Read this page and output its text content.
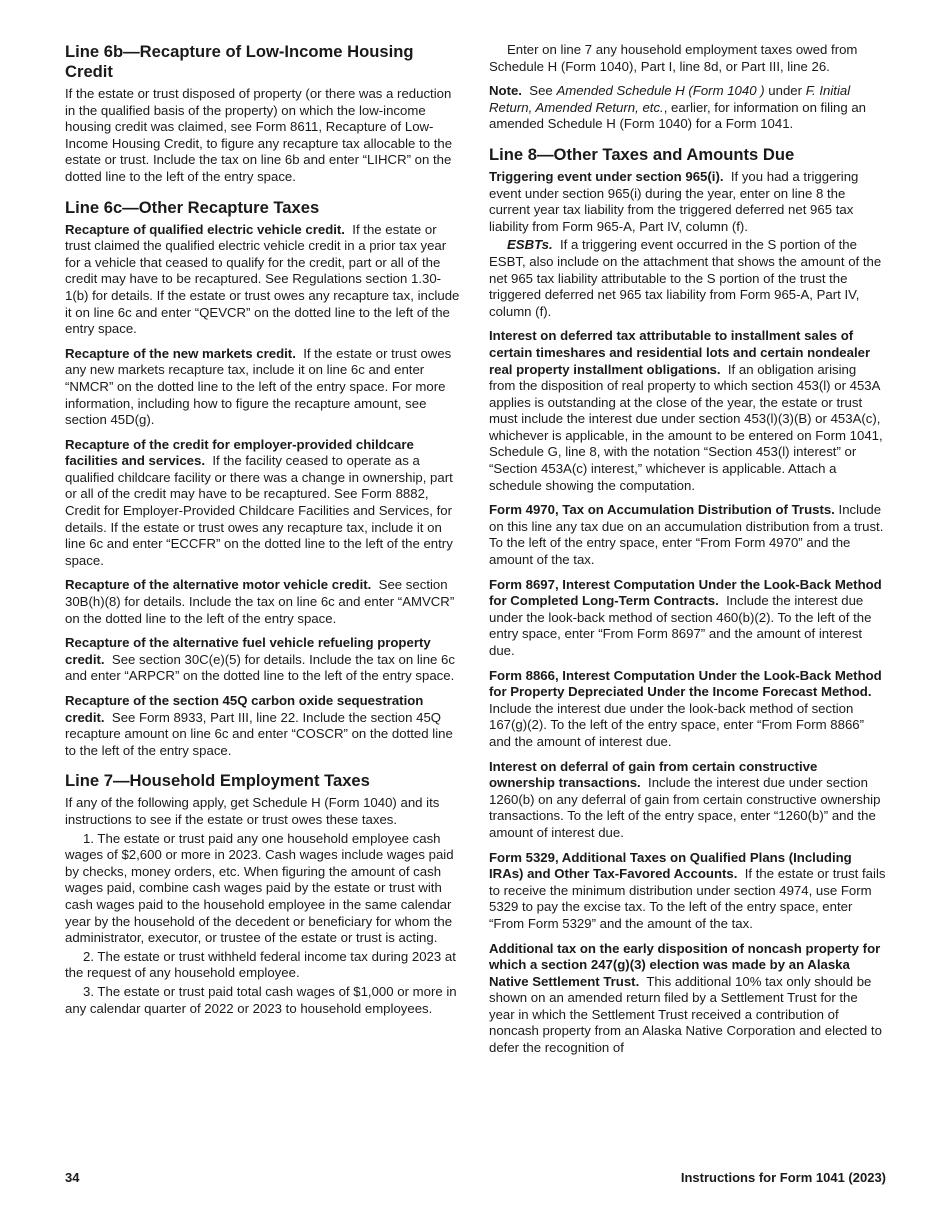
Line 6b—Recapture of Low-Income Housing Credit

If the estate or trust disposed of property (or there was a reduction in the qualified basis of the property) on which the low-income housing credit was claimed, see Form 8611, Recapture of Low-Income Housing Credit, to figure any recapture tax allocable to the estate or trust. Include the tax on line 6b and enter “LIHCR” on the dotted line to the left of the entry space.

Line 6c—Other Recapture Taxes

Recapture of qualified electric vehicle credit. If the estate or trust claimed the qualified electric vehicle credit in a prior tax year for a vehicle that ceased to qualify for the credit, part or all of the credit may have to be recaptured. See Regulations section 1.30-1(b) for details. If the estate or trust owes any recapture tax, include it on line 6c and enter “QEVCR” on the dotted line to the left of the entry space.

Recapture of the new markets credit. If the estate or trust owes any new markets recapture tax, include it on line 6c and enter “NMCR” on the dotted line to the left of the entry space. For more information, including how to figure the recapture amount, see section 45D(g).

Recapture of the credit for employer-provided childcare facilities and services. If the facility ceased to operate as a qualified childcare facility or there was a change in ownership, part or all of the credit may have to be recaptured. See Form 8882, Credit for Employer-Provided Childcare Facilities and Services, for details. If the estate or trust owes any recapture tax, include it on line 6c and enter “ECCFR” on the dotted line to the left of the entry space.

Recapture of the alternative motor vehicle credit. See section 30B(h)(8) for details. Include the tax on line 6c and enter “AMVCR” on the dotted line to the left of the entry space.

Recapture of the alternative fuel vehicle refueling property credit. See section 30C(e)(5) for details. Include the tax on line 6c and enter “ARPCR” on the dotted line to the left of the entry space.

Recapture of the section 45Q carbon oxide sequestration credit. See Form 8933, Part III, line 22. Include the section 45Q recapture amount on line 6c and enter “COSCR” on the dotted line to the left of the entry space.

Line 7—Household Employment Taxes

If any of the following apply, get Schedule H (Form 1040) and its instructions to see if the estate or trust owes these taxes.

1. The estate or trust paid any one household employee cash wages of $2,600 or more in 2023. Cash wages include wages paid by checks, money orders, etc. When figuring the amount of cash wages paid, combine cash wages paid by the estate or trust with cash wages paid to the household employee in the same calendar year by the household of the decedent or beneficiary for whom the administrator, executor, or trustee of the estate or trust is acting.

2. The estate or trust withheld federal income tax during 2023 at the request of any household employee.

3. The estate or trust paid total cash wages of $1,000 or more in any calendar quarter of 2022 or 2023 to household employees.

Enter on line 7 any household employment taxes owed from Schedule H (Form 1040), Part I, line 8d, or Part III, line 26.

Note. See Amended Schedule H (Form 1040 ) under F. Initial Return, Amended Return, etc., earlier, for information on filing an amended Schedule H (Form 1040) for a Form 1041.

Line 8—Other Taxes and Amounts Due

Triggering event under section 965(i). If you had a triggering event under section 965(i) during the year, enter on line 8 the current year tax liability from the triggered deferred net 965 tax liability from Form 965-A, Part IV, column (f).

ESBTs. If a triggering event occurred in the S portion of the ESBT, also include on the attachment that shows the amount of the net 965 tax liability attributable to the S portion of the trust the triggered deferred net 965 tax liability from Form 965-A, Part IV, column (f).

Interest on deferred tax attributable to installment sales of certain timeshares and residential lots and certain nondealer real property installment obligations. If an obligation arising from the disposition of real property to which section 453(l) or 453A applies is outstanding at the close of the year, the estate or trust must include the interest due under section 453(l)(3)(B) or 453A(c), whichever is applicable, in the amount to be entered on Form 1041, Schedule G, line 8, with the notation “Section 453(l) interest” or “Section 453A(c) interest,” whichever is applicable. Attach a schedule showing the computation.

Form 4970, Tax on Accumulation Distribution of Trusts. Include on this line any tax due on an accumulation distribution from a trust. To the left of the entry space, enter “From Form 4970” and the amount of the tax.

Form 8697, Interest Computation Under the Look-Back Method for Completed Long-Term Contracts. Include the interest due under the look-back method of section 460(b)(2). To the left of the entry space, enter “From Form 8697” and the amount of interest due.

Form 8866, Interest Computation Under the Look-Back Method for Property Depreciated Under the Income Forecast Method.  Include the interest due under the look-back method of section 167(g)(2). To the left of the entry space, enter “From Form 8866” and the amount of interest due.

Interest on deferral of gain from certain constructive ownership transactions. Include the interest due under section 1260(b) on any deferral of gain from certain constructive ownership transactions. To the left of the entry space, enter “1260(b)” and the amount of interest due.

Form 5329, Additional Taxes on Qualified Plans (Including IRAs) and Other Tax-Favored Accounts. If the estate or trust fails to receive the minimum distribution under section 4974, use Form 5329 to pay the excise tax. To the left of the entry space, enter “From Form 5329” and the amount of the tax.

Additional tax on the early disposition of noncash property for which a section 247(g)(3) election was made by an Alaska Native Settlement Trust. This additional 10% tax only should be shown on an amended return filed by a Settlement Trust for the year in which the Settlement Trust received a contribution of noncash property from an Alaska Native Corporation and elected to defer the recognition of

34	Instructions for Form 1041 (2023)
